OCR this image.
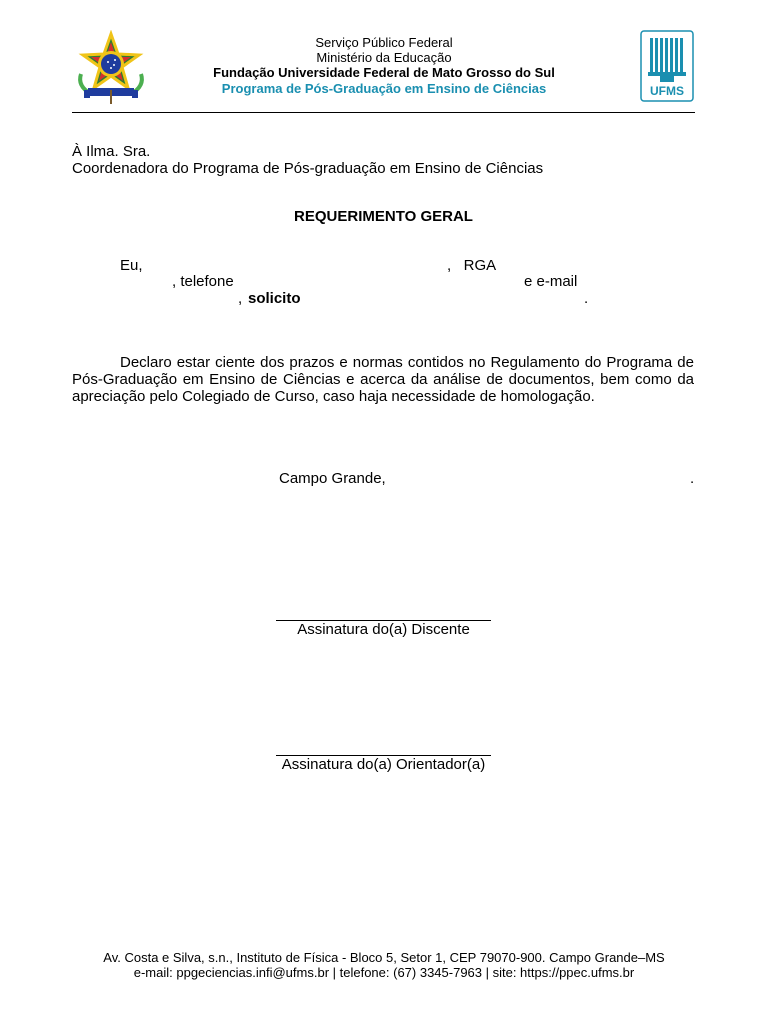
UFMS
Serviço Público Federal
Ministério da Educação
Fundação Universidade Federal de Mato Grosso do Sul
Programa de Pós-Graduação em Ensino de Ciências
À Ilma. Sra.
Coordenadora do Programa de Pós-graduação em Ensino de Ciências
REQUERIMENTO GERAL
Eu,	,   RGA
, telefone	e e-mail
, solicito	.
Declaro estar ciente dos prazos e normas contidos no Regulamento do Programa de Pós-Graduação em Ensino de Ciências e acerca da análise de documentos, bem como da apreciação pelo Colegiado de Curso, caso haja necessidade de homologação.
Campo Grande,	.
Assinatura do(a) Discente
Assinatura do(a) Orientador(a)
Av. Costa e Silva, s.n., Instituto de Física - Bloco 5, Setor 1, CEP 79070-900. Campo Grande–MS
e-mail: ppgeciencias.infi@ufms.br | telefone: (67) 3345-7963 | site: https://ppec.ufms.br
